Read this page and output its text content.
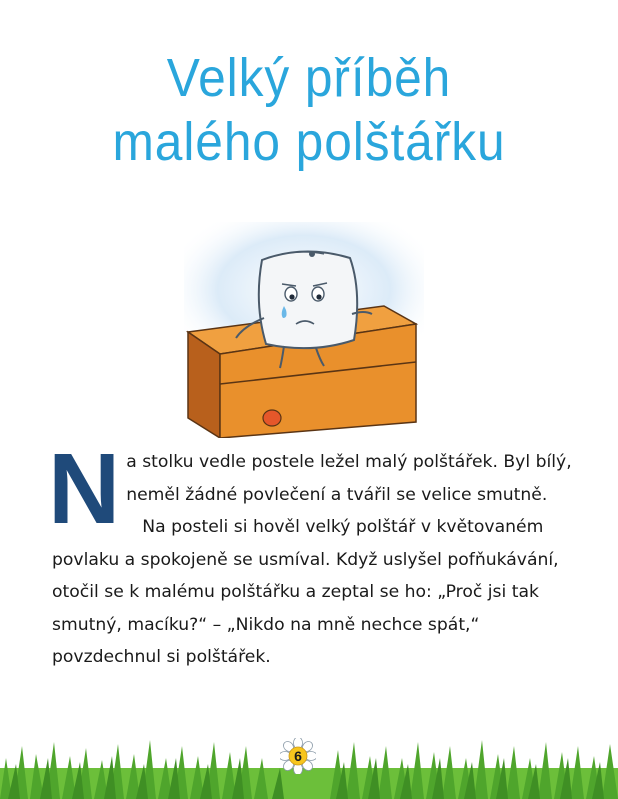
Velký příběh
malého polštářku

N a stolku vedle postele ležel malý polštářek. Byl bílý, neměl žádné povlečení a tvářil se velice smutně.

Na posteli si hověl velký polštář v květovaném povlaku a spokojeně se usmíval. Když uslyšel pofňukávání, otočil se k malému polštářku a zeptal se ho: „Proč jsi tak smutný, macíku?“ – „Nikdo na mně nechce spát,“ povzdechnul si polštářek.

6
